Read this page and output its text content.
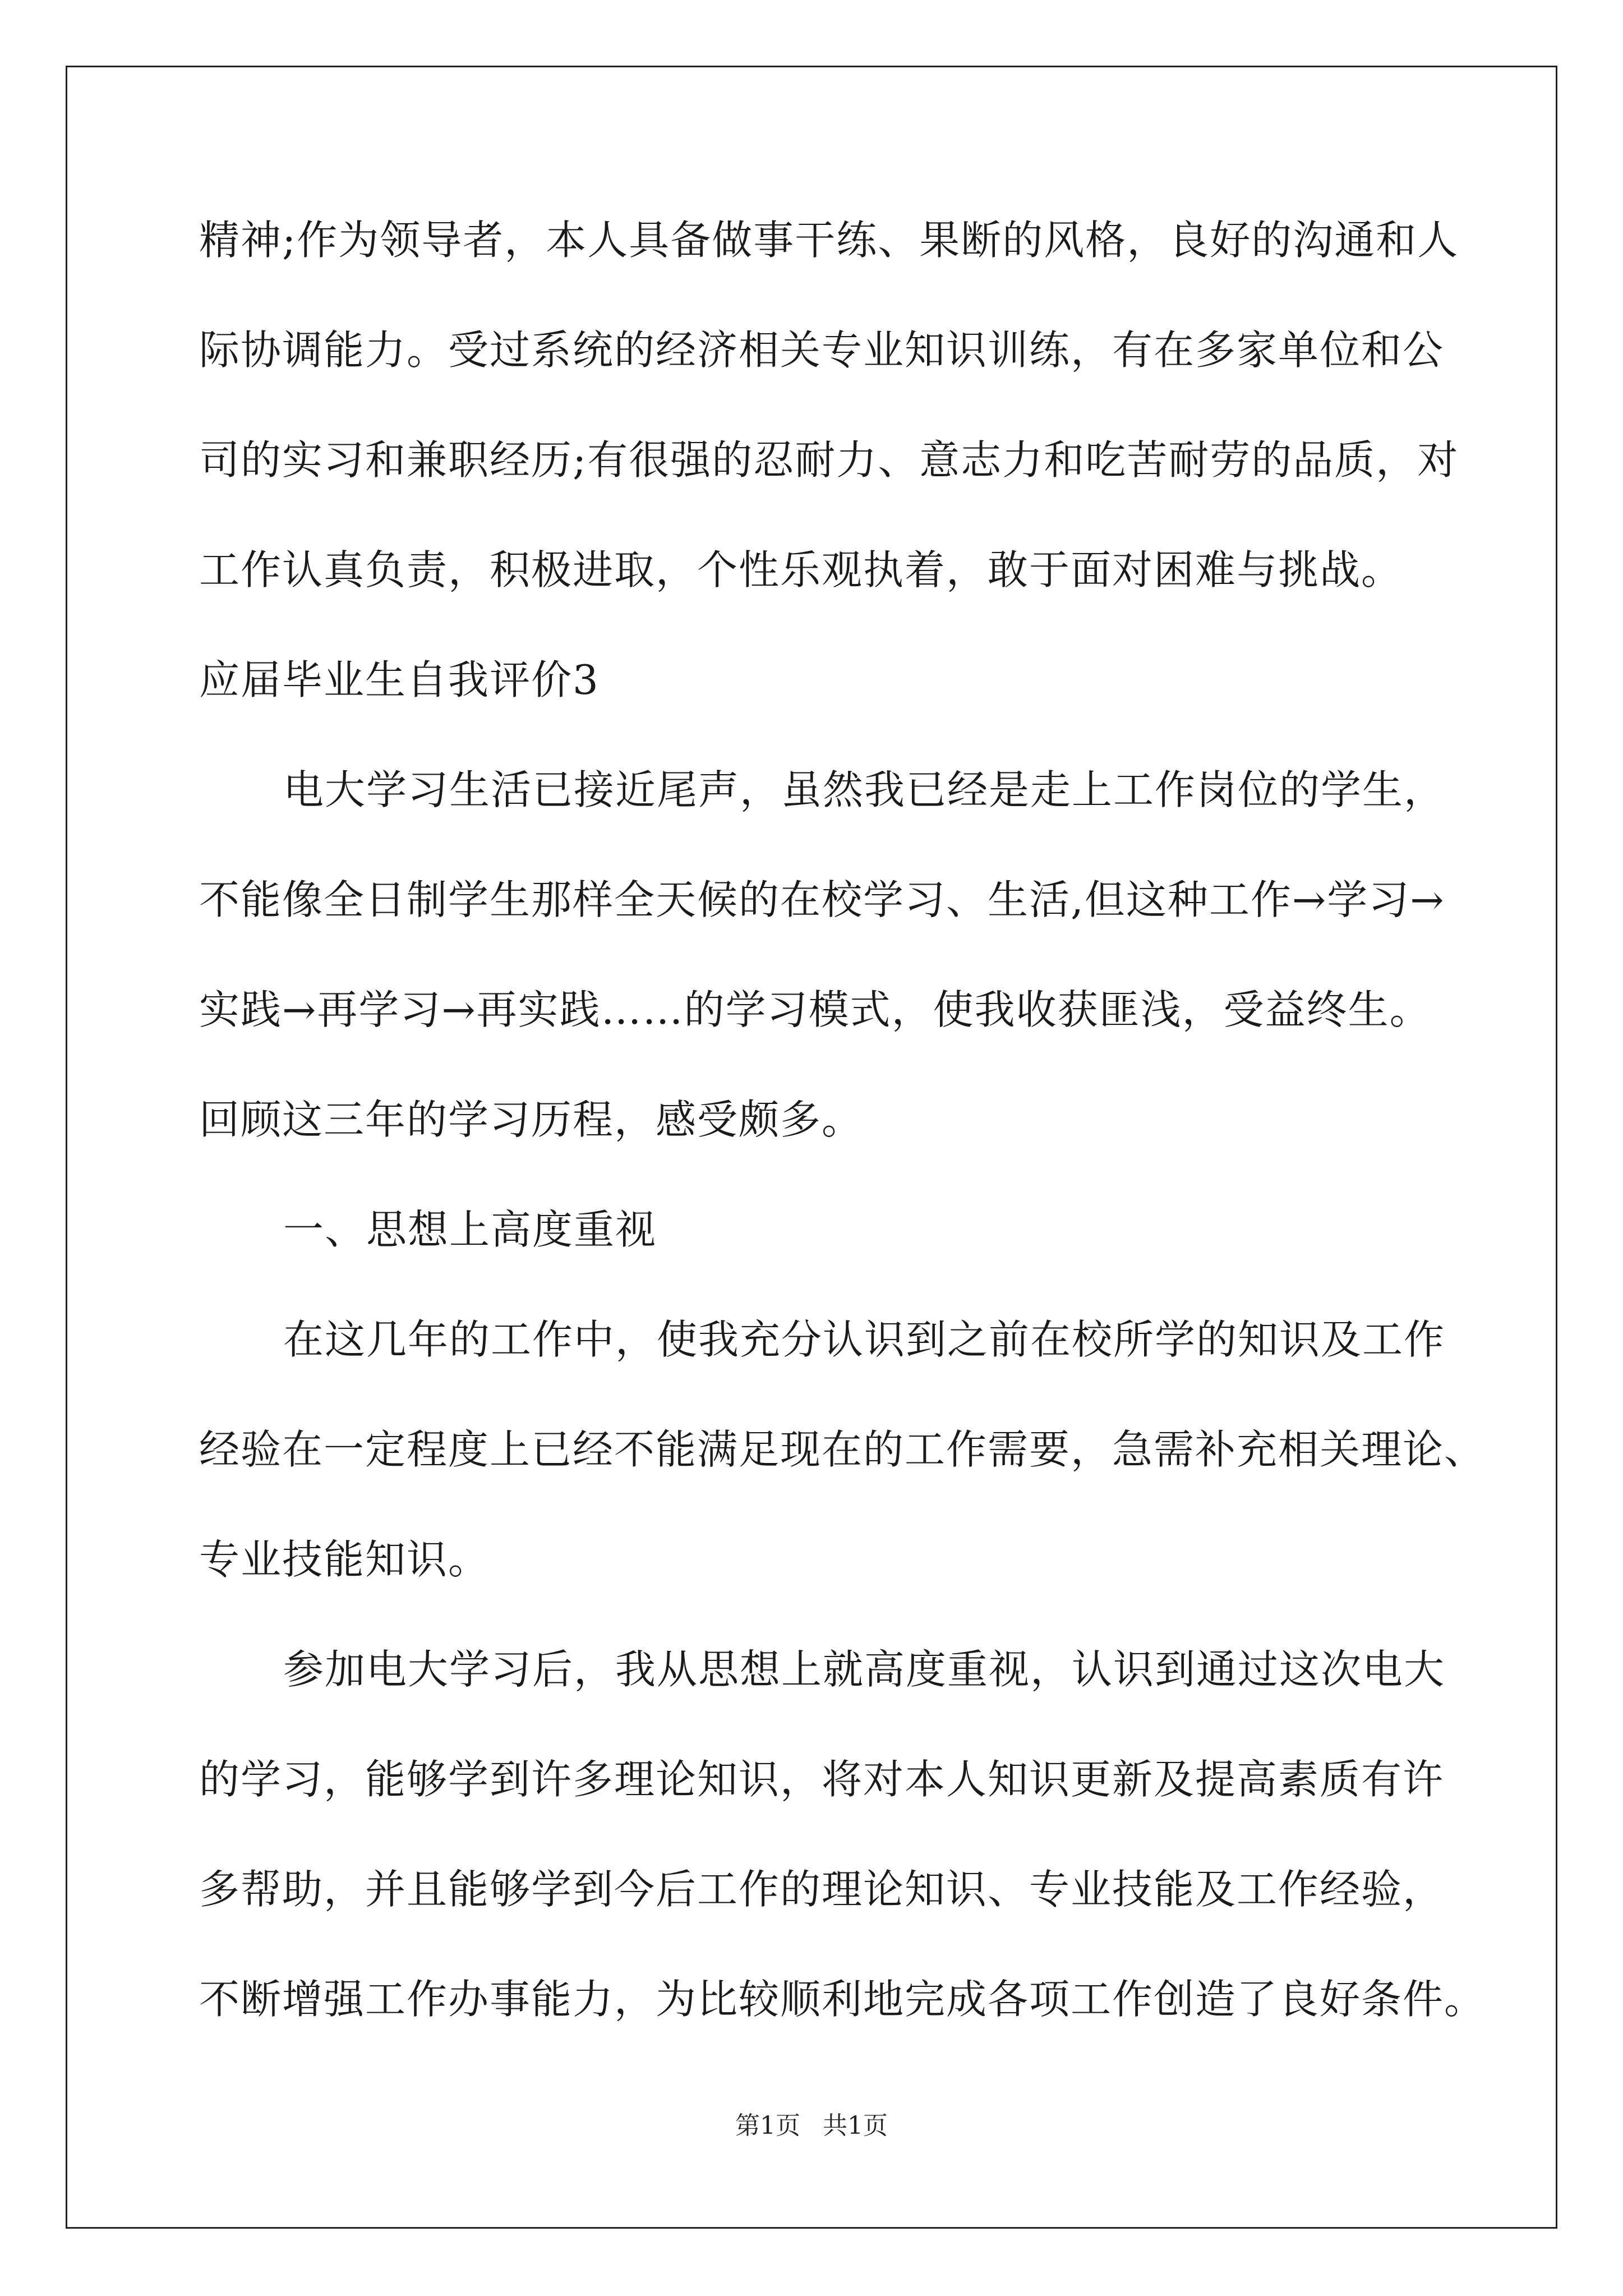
精神;作为领导者，本人具备做事干练、果断的风格，良好的沟通和人
际协调能力。受过系统的经济相关专业知识训练，有在多家单位和公
司的实习和兼职经历;有很强的忍耐力、意志力和吃苦耐劳的品质，对
工作认真负责，积极进取，个性乐观执着，敢于面对困难与挑战。
应届毕业生自我评价3
电大学习生活已接近尾声，虽然我已经是走上工作岗位的学生，
不能像全日制学生那样全天候的在校学习、生活,但这种工作→学习→
实践→再学习→再实践……的学习模式，使我收获匪浅，受益终生。
回顾这三年的学习历程，感受颇多。
一、思想上高度重视
在这几年的工作中，使我充分认识到之前在校所学的知识及工作
经验在一定程度上已经不能满足现在的工作需要，急需补充相关理论、
专业技能知识。
参加电大学习后，我从思想上就高度重视，认识到通过这次电大
的学习，能够学到许多理论知识，将对本人知识更新及提高素质有许
多帮助，并且能够学到今后工作的理论知识、专业技能及工作经验，
不断增强工作办事能力，为比较顺利地完成各项工作创造了良好条件。
第1页 共1页
